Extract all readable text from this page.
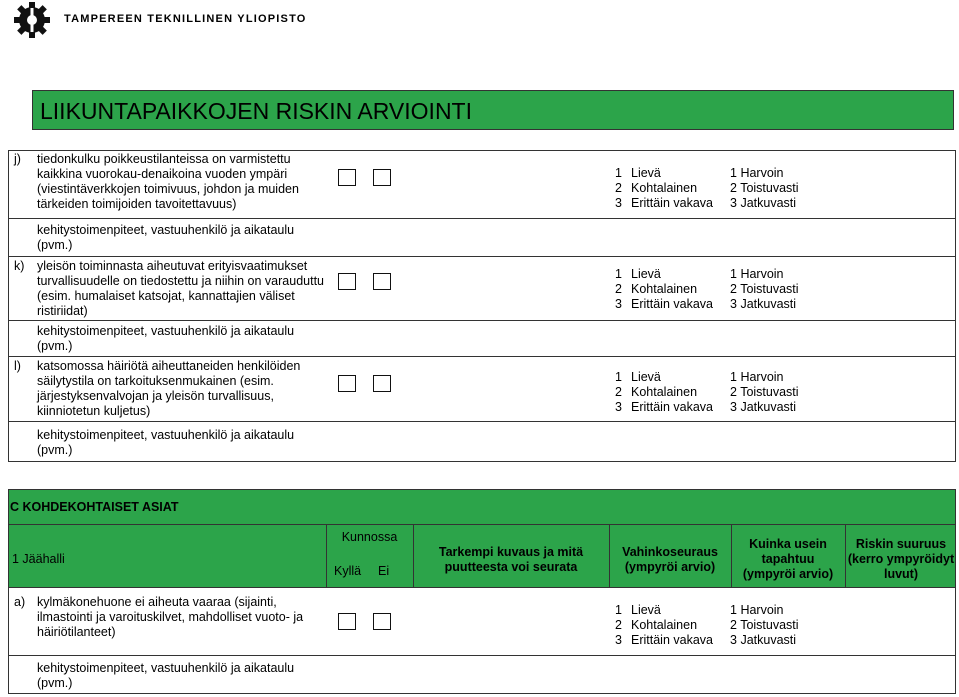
TAMPEREEN TEKNILLINEN YLIOPISTO
LIIKUNTAPAIKKOJEN RISKIN ARVIOINTI
j) tiedonkulku poikkeustilanteissa on varmistettu
kaikkina vuorokau-denaikoina vuoden ympäri
(viestintäverkkojen toimivuus, johdon ja muiden
tärkeiden toimijoiden tavoitettavuus)
1 Lievä
2 Kohtalainen
3 Erittäin vakava
1 Harvoin
2 Toistuvasti
3 Jatkuvasti
kehitystoimenpiteet, vastuuhenkilö ja aikataulu
(pvm.)
k) yleisön toiminnasta aiheutuvat erityisvaatimukset
turvallisuudelle on tiedostettu ja niihin on varauduttu
(esim. humalaiset katsojat, kannattajien väliset
ristiriidat)
1 Lievä
2 Kohtalainen
3 Erittäin vakava
1 Harvoin
2 Toistuvasti
3 Jatkuvasti
kehitystoimenpiteet, vastuuhenkilö ja aikataulu
(pvm.)
l) katsomossa häiriötä aiheuttaneiden henkilöiden
säilytystila on tarkoituksenmukainen (esim.
järjestyksenvalvojan ja yleisön turvallisuus,
kiinniotetun kuljetus)
1 Lievä
2 Kohtalainen
3 Erittäin vakava
1 Harvoin
2 Toistuvasti
3 Jatkuvasti
kehitystoimenpiteet, vastuuhenkilö ja aikataulu
(pvm.)
C KOHDEKOHTAISET ASIAT
1 Jäähalli
Kunnossa
Kyllä Ei
Tarkempi kuvaus ja mitä
puutteesta voi seurata
Vahinkoseuraus
(ympyröi arvio)
Kuinka usein
tapahtuu
(ympyröi arvio)
Riskin suuruus
(kerro ympyröidyt
luvut)
a) kylmäkonehuone ei aiheuta vaaraa (sijainti,
ilmastointi ja varoituskilvet, mahdolliset vuoto- ja
häiriötilanteet)
1 Lievä
2 Kohtalainen
3 Erittäin vakava
1 Harvoin
2 Toistuvasti
3 Jatkuvasti
kehitystoimenpiteet, vastuuhenkilö ja aikataulu
(pvm.)
